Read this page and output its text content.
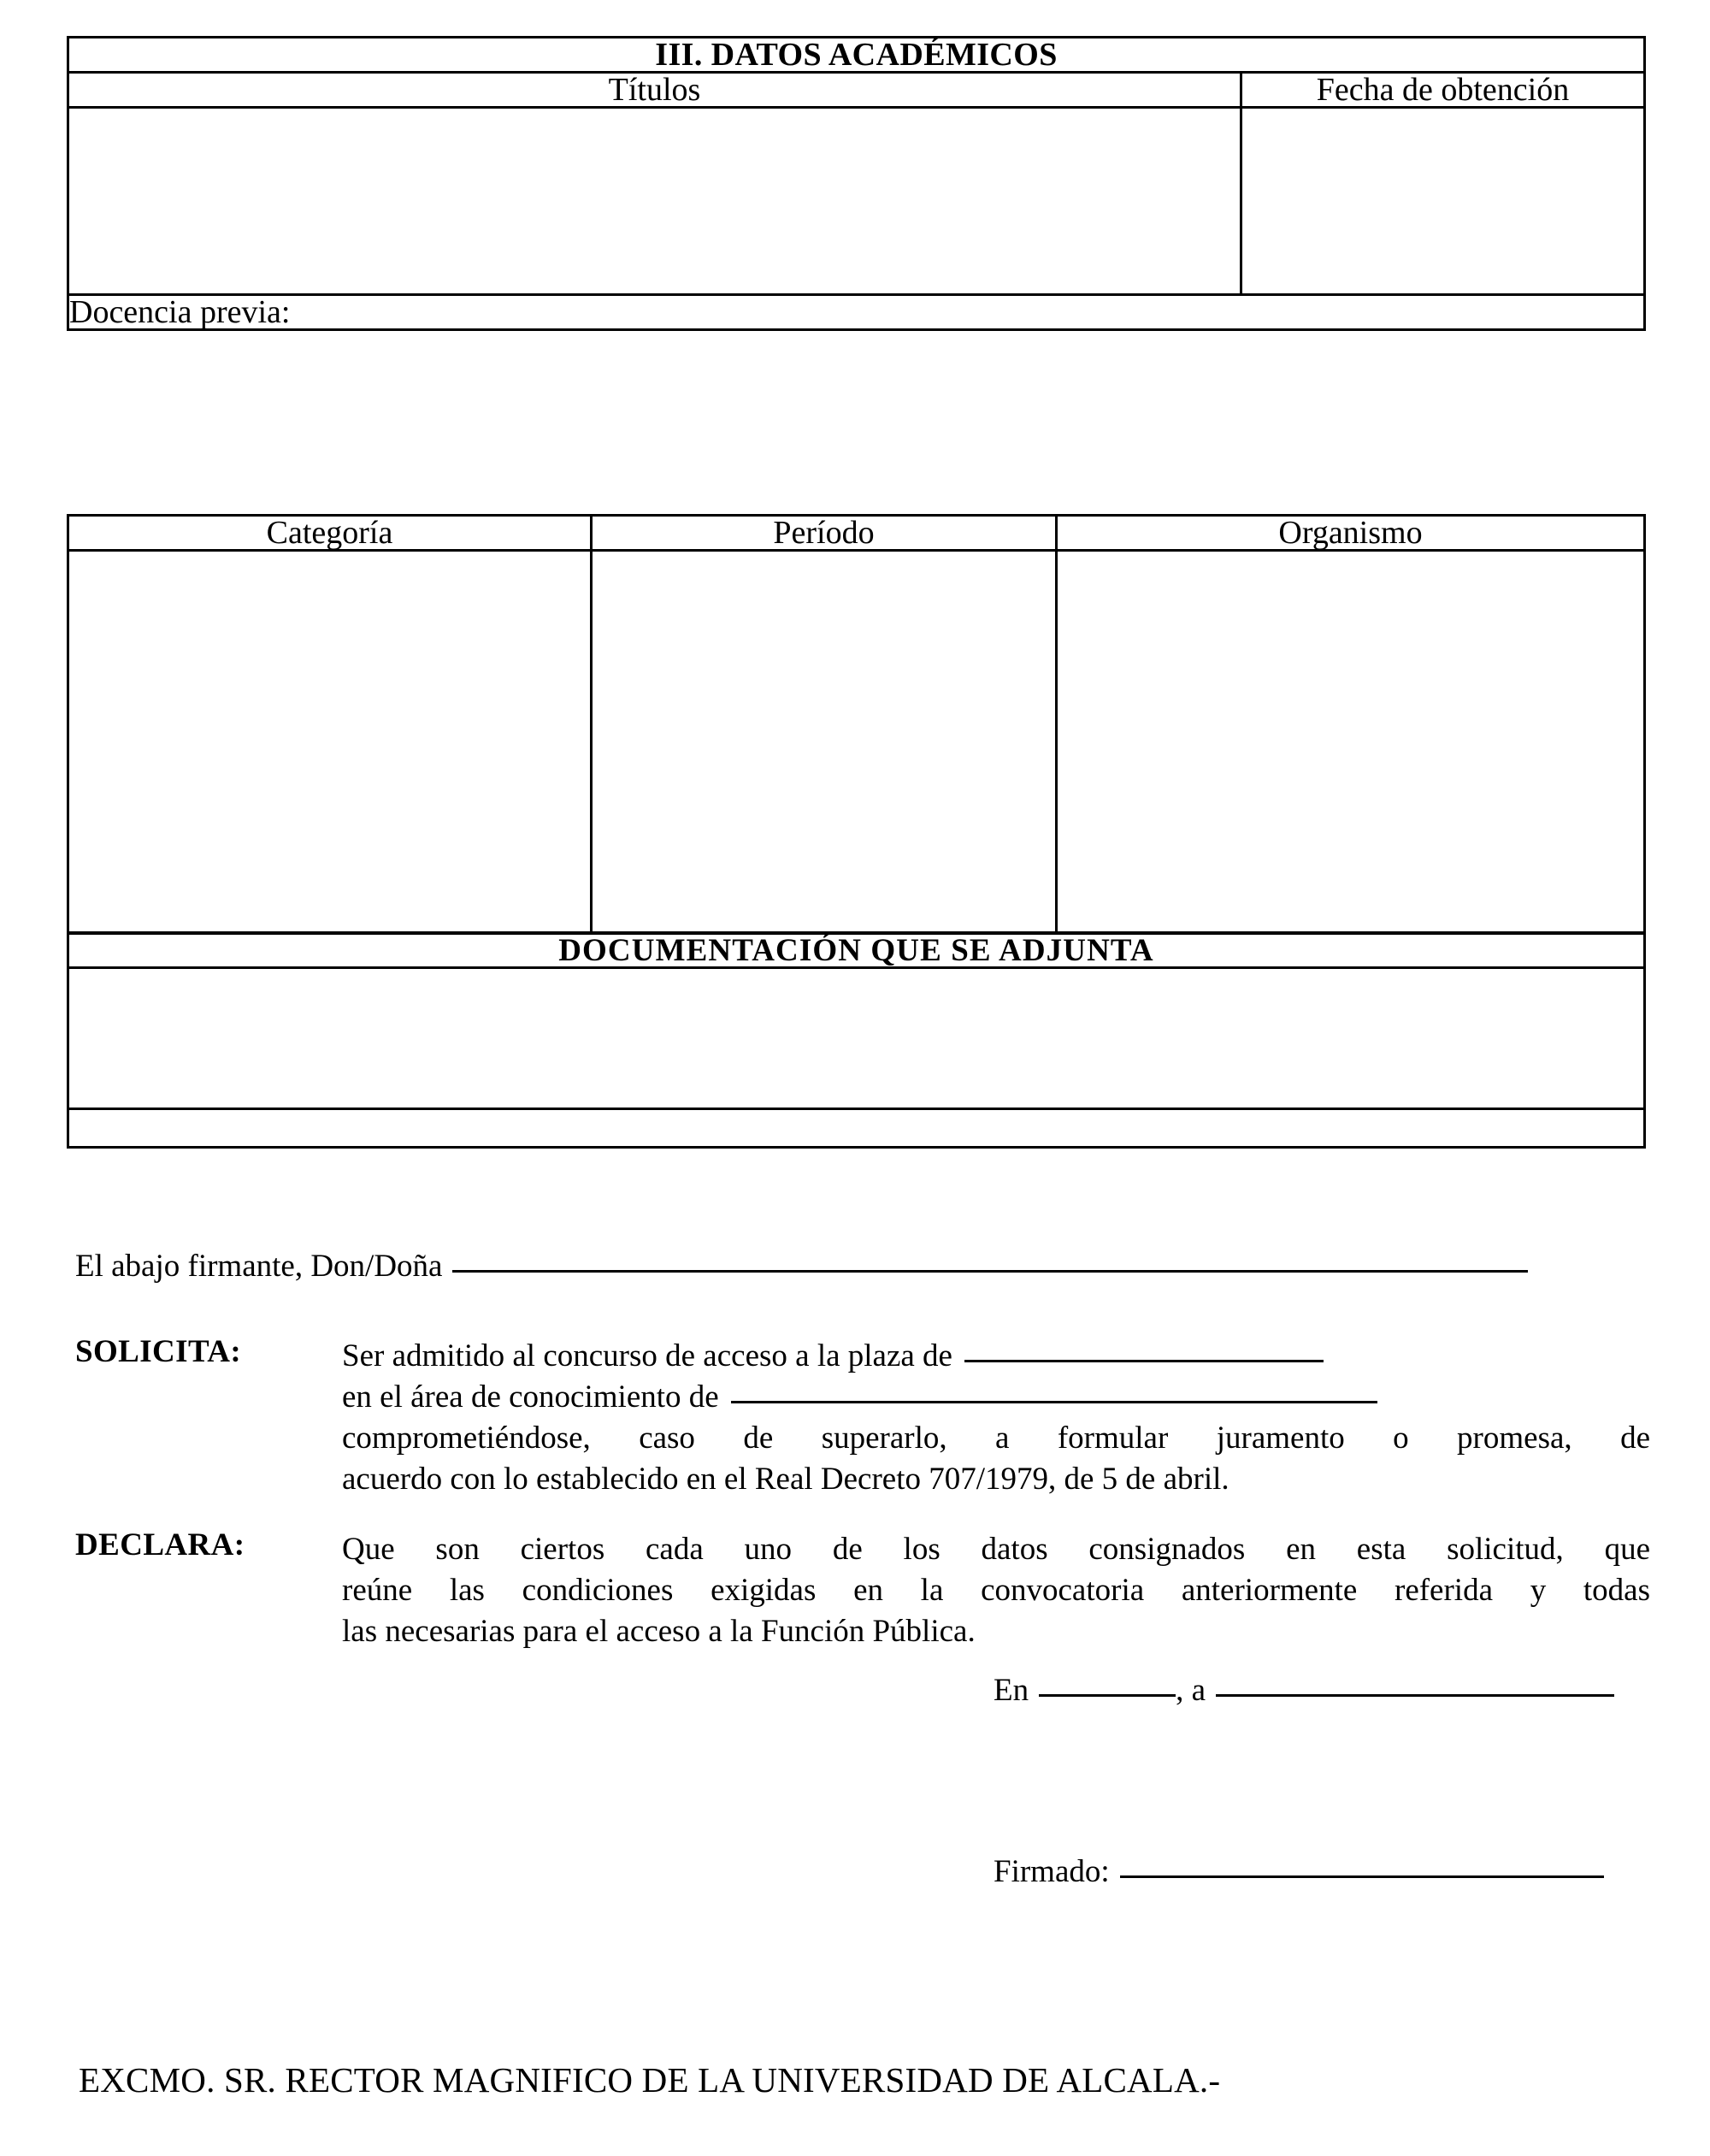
III. DATOS ACADÉMICOS	
Títulos	Fecha de obtención

Docencia previa:	
Categoría	Período	Organismo

DOCUMENTACIÓN QUE SE ADJUNTA

El abajo firmante, Don/Doña
SOLICITA:	Ser admitido al concurso de acceso a la plaza de
en el área de conocimiento de
comprometiéndose, caso de superarlo, a formular juramento o promesa, de
acuerdo con lo establecido en el Real Decreto 707/1979, de 5 de abril.
DECLARA:	Que son ciertos cada uno de los datos consignados en esta solicitud, que
reúne las condiciones exigidas en la convocatoria anteriormente referida y todas
las necesarias para el acceso a la Función Pública.
En	, a
Firmado:
EXCMO. SR. RECTOR MAGNIFICO DE LA UNIVERSIDAD DE ALCALA.-
